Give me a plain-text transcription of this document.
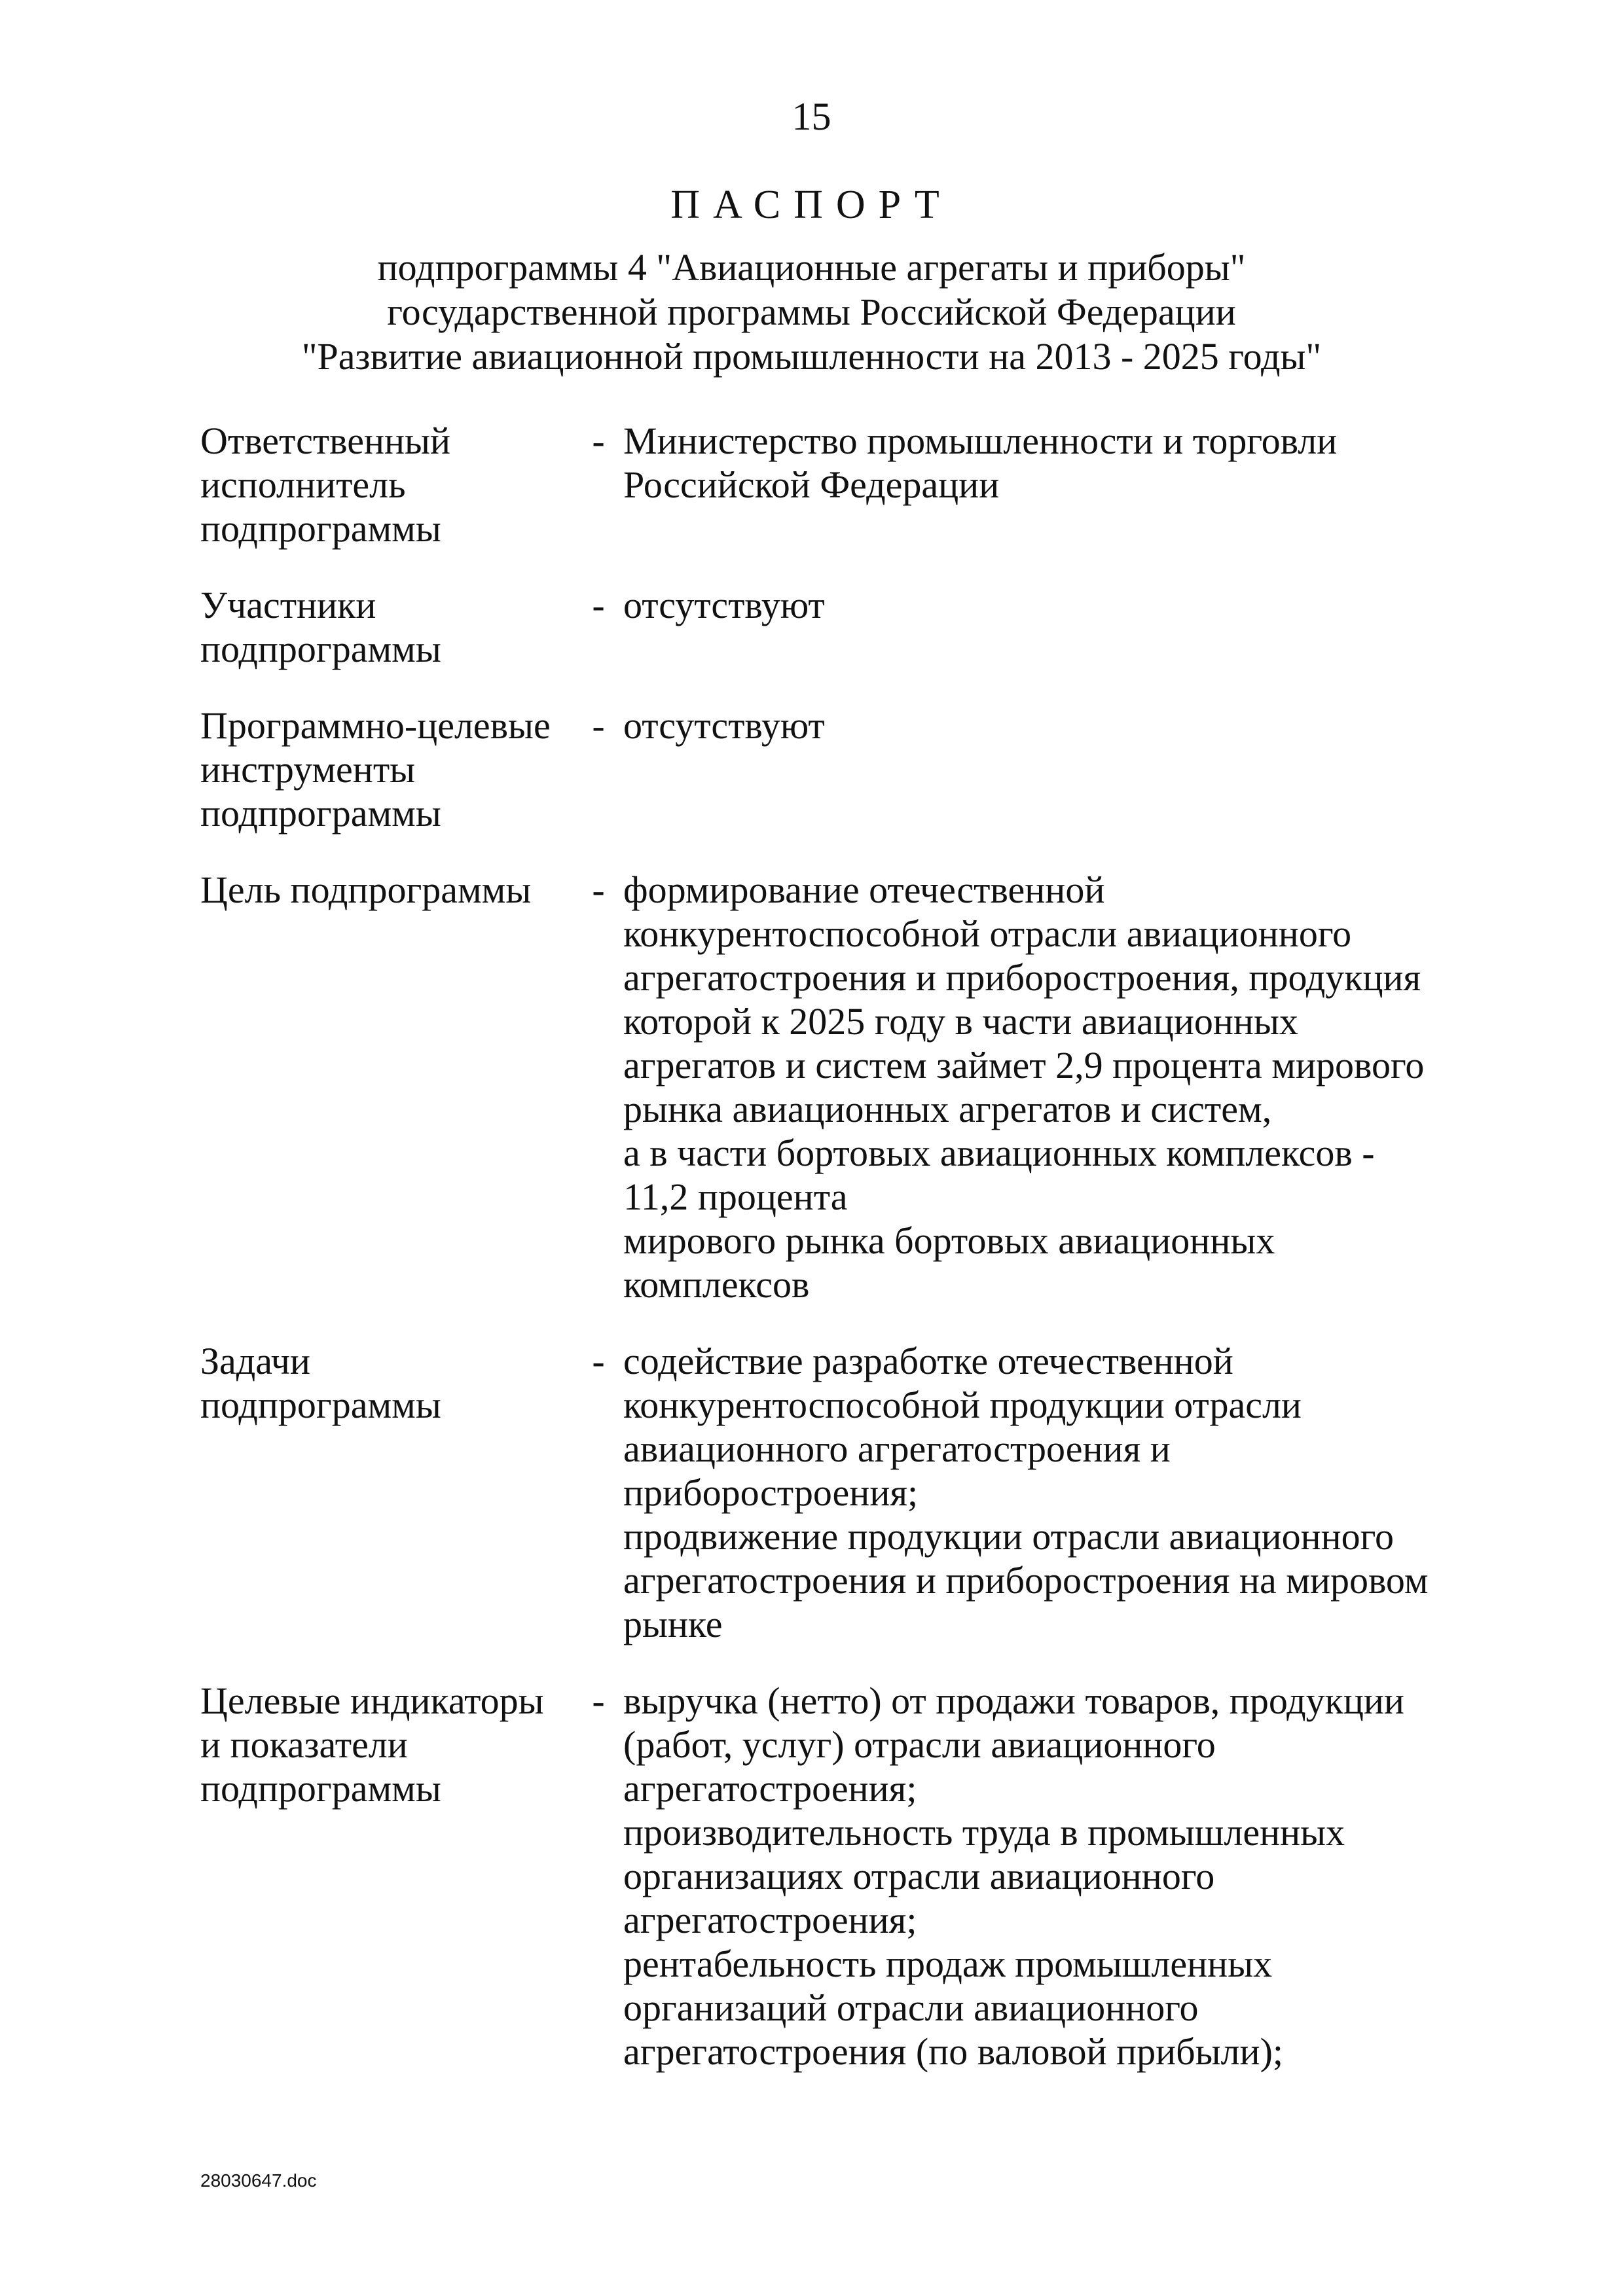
15
ПАСПОРТ
подпрограммы 4 "Авиационные агрегаты и приборы"
государственной программы Российской Федерации
"Развитие авиационной промышленности на 2013 - 2025 годы"
Ответственный
исполнитель
подпрограммы
- Министерство промышленности и торговли
Российской Федерации
Участники
подпрограммы
- отсутствуют
Программно-целевые
инструменты
подпрограммы
- отсутствуют
Цель подпрограммы	- формирование отечественной
конкурентоспособной отрасли авиационного
агрегатостроения и приборостроения, продукция
которой к 2025 году в части авиационных
агрегатов и систем займет 2,9 процента мирового
рынка авиационных агрегатов и систем,
а в части бортовых авиационных комплексов -
11,2 процента
мирового рынка бортовых авиационных
комплексов
Задачи
подпрограммы
- содействие разработке отечественной
конкурентоспособной продукции отрасли
авиационного агрегатостроения и
приборостроения;
продвижение продукции отрасли авиационного
агрегатостроения и приборостроения на мировом
рынке
Целевые индикаторы
и показатели
подпрограммы
- выручка (нетто) от продажи товаров, продукции
(работ, услуг) отрасли авиационного
агрегатостроения;
производительность труда в промышленных
организациях отрасли авиационного
агрегатостроения;
рентабельность продаж промышленных
организаций отрасли авиационного
агрегатостроения (по валовой прибыли);
28030647.doc
